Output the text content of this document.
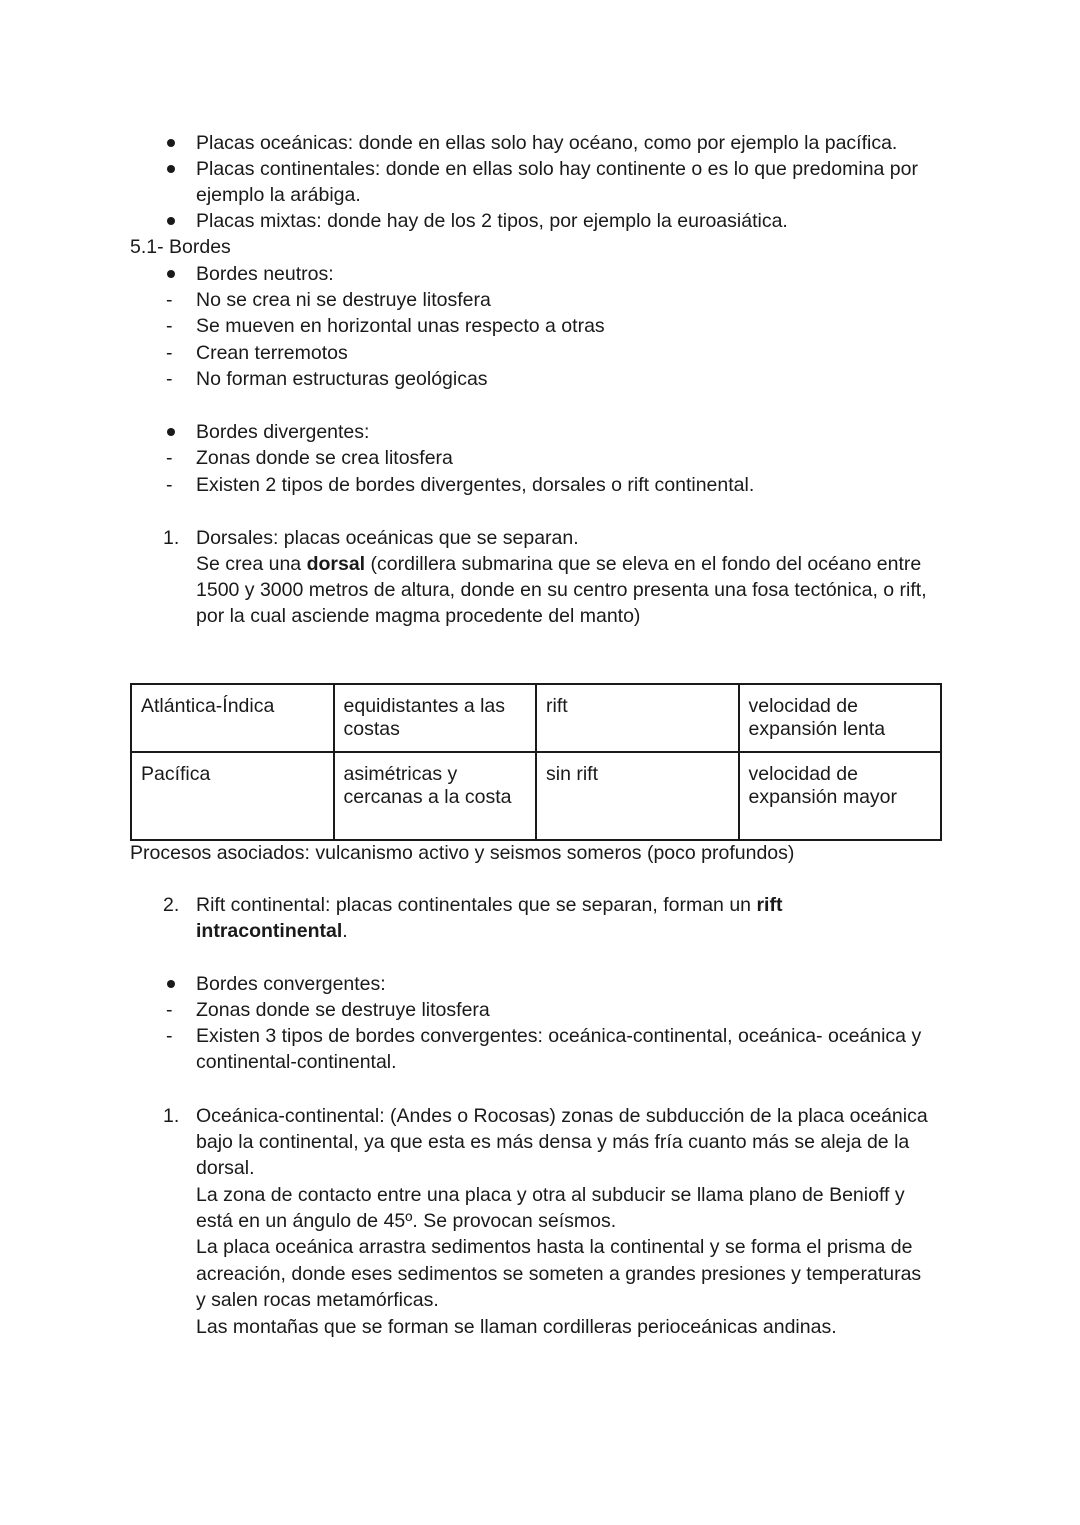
Placas oceánicas: donde en ellas solo hay océano, como por ejemplo la pacífica.
Placas continentales: donde en ellas solo hay continente o es lo que predomina por
ejemplo la arábiga.
Placas mixtas: donde hay de los 2 tipos, por ejemplo la euroasiática.
5.1- Bordes
Bordes neutros:
- No se crea ni se destruye litosfera
- Se mueven en horizontal unas respecto a otras
- Crean terremotos
- No forman estructuras geológicas
Bordes divergentes:
- Zonas donde se crea litosfera
- Existen 2 tipos de bordes divergentes, dorsales o rift continental.
1. Dorsales: placas oceánicas que se separan.
Se crea una dorsal (cordillera submarina que se eleva en el fondo del océano entre
1500 y 3000 metros de altura, donde en su centro presenta una fosa tectónica, o rift,
por la cual asciende magma procedente del manto)
Atlántica-Índica	equidistantes a las
costas	rift	velocidad de
expansión lenta

Pacífica	asimétricas y
cercanas a la costa	sin rift	velocidad de
expansión mayor
Procesos asociados: vulcanismo activo y seismos someros (poco profundos)
2. Rift continental: placas continentales que se separan, forman un rift
intracontinental.
Bordes convergentes:
- Zonas donde se destruye litosfera
- Existen 3 tipos de bordes convergentes: oceánica-continental, oceánica- oceánica y
continental-continental.
1. Oceánica-continental: (Andes o Rocosas) zonas de subducción de la placa oceánica
bajo la continental, ya que esta es más densa y más fría cuanto más se aleja de la
dorsal.
La zona de contacto entre una placa y otra al subducir se llama plano de Benioff y
está en un ángulo de 45º. Se provocan seísmos.
La placa oceánica arrastra sedimentos hasta la continental y se forma el prisma de
acreación, donde eses sedimentos se someten a grandes presiones y temperaturas
y salen rocas metamórficas.
Las montañas que se forman se llaman cordilleras perioceánicas andinas.
